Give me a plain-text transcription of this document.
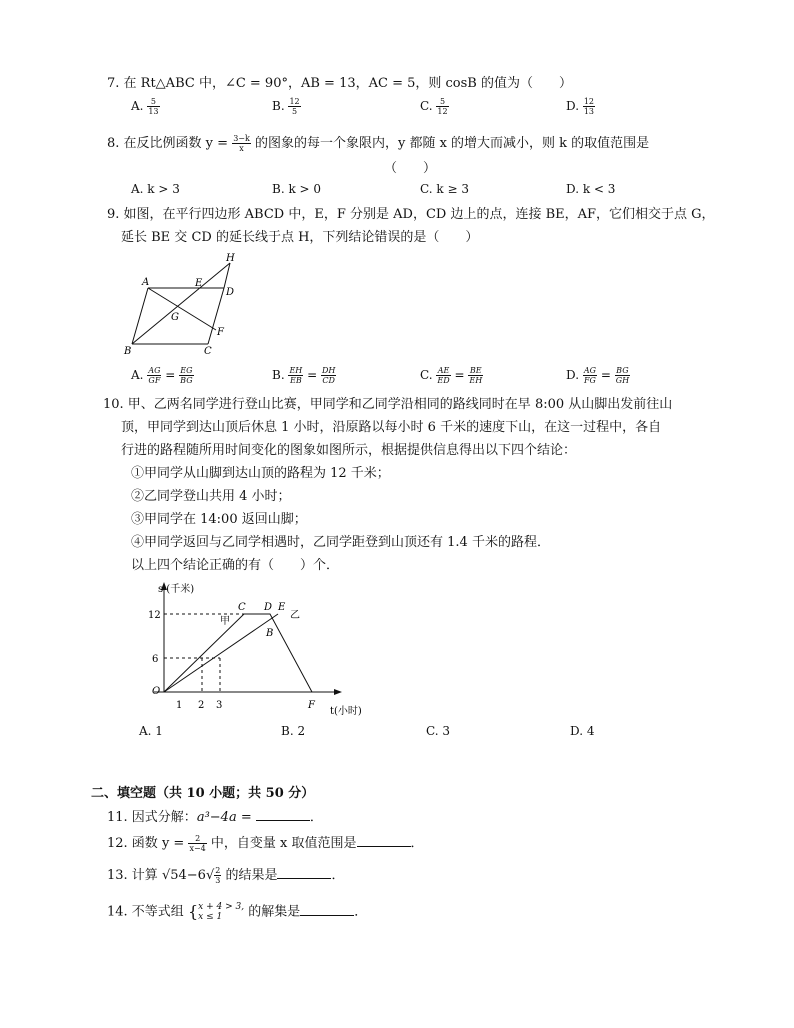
7. 在 Rt△ABC 中，∠C = 90°，AB = 13，AC = 5，则 cosB 的值为（　　）
A. $\frac{5}{13}$	B. $\frac{12}{5}$	C. $\frac{5}{12}$	D. $\frac{12}{13}$
8. 在反比例函数 $y = \frac{3-k}{x}$ 的图象的每一个象限内，y 都随 x 的增大而减小，则 k 的取值范围是
（　　）
A. k > 3	B. k > 0	C. k ≥ 3	D. k < 3
9. 如图，在平行四边形 ABCD 中，E，F 分别是 AD，CD 边上的点，连接 BE，AF，它们相交于点 G，
延长 BE 交 CD 的延长线于点 H，下列结论错误的是（　　）
H
A	E
D
G
F
B	C
A. $\frac{AG}{GF} = \frac{EG}{BG}$	B. $\frac{EH}{EB} = \frac{DH}{CD}$	C. $\frac{AE}{ED} = \frac{BE}{EH}$	D. $\frac{AG}{FG} = \frac{BG}{GH}$
10. 甲、乙两名同学进行登山比赛，甲同学和乙同学沿相同的路线同时在早 8:00 从山脚出发前往山
顶，甲同学到达山顶后休息 1 小时，沿原路以每小时 6 千米的速度下山，在这一过程中，各自
行进的路程随所用时间变化的图象如图所示，根据提供信息得出以下四个结论：
①甲同学从山脚到达山顶的路程为 12 千米；
②乙同学登山共用 4 小时；
③甲同学在 14:00 返回山脚；
④甲同学返回与乙同学相遇时，乙同学距登到山顶还有 1.4 千米的路程．
以上四个结论正确的有（　　）个．
s (千米)
t(小时)
12
6
O
1 2 3
C
甲
D E
乙
B
F
A. 1	B. 2	C. 3	D. 4
二、填空题（共 10 小题；共 50 分）
11. 因式分解：a³−4a =	．
12. 函数 $y = \frac{2}{x-4}$ 中，自变量 x 取值范围是	．
13. 计算 $√54-6√ \frac{2}{3}$ 的结果是	．
14. 不等式组 { x + 4 > 3,
x ≤ 1	的解集是	．
